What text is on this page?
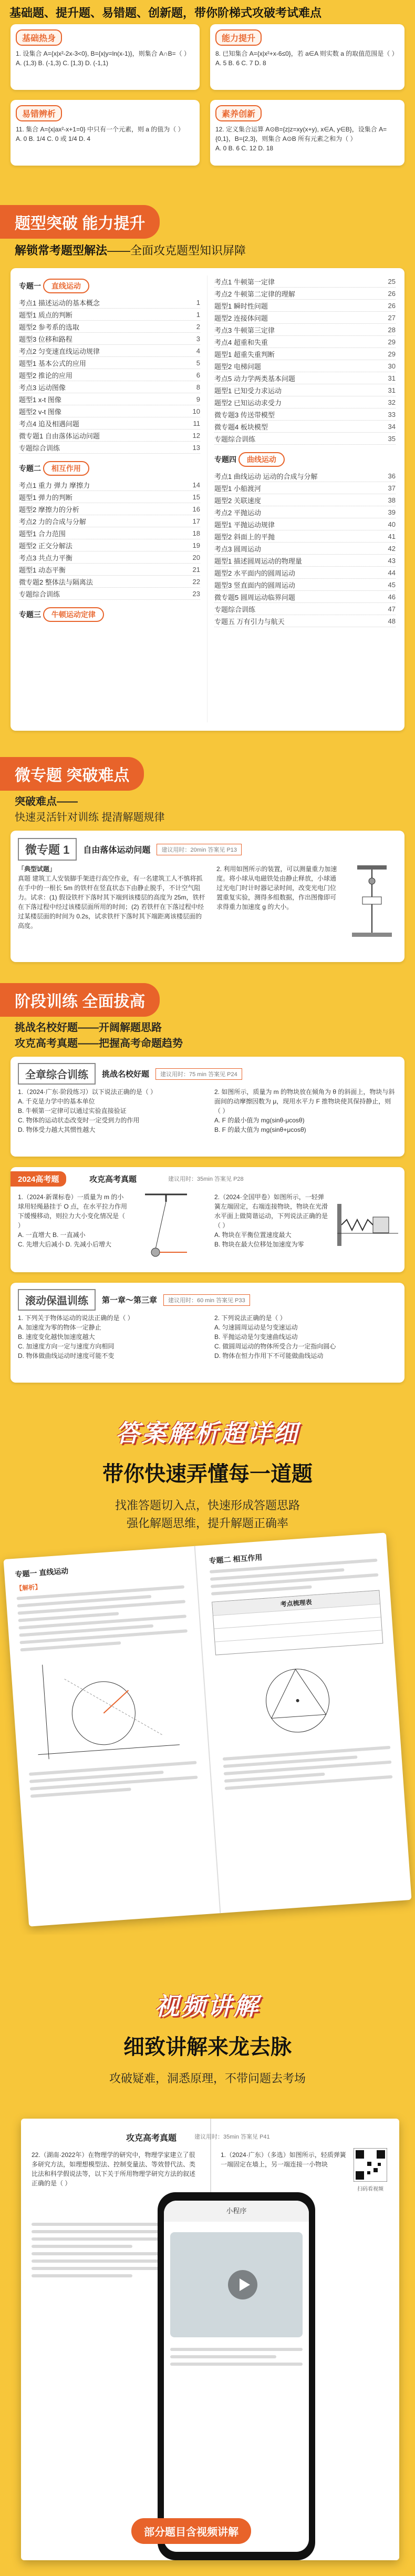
基础题、提升题、易错题、创新题，带你阶梯式攻破考试难点
基础热身
1. 设集合 A={x|x²-2x-3<0}, B={x|y=ln(x-1)}，则集合 A∩B=（ ）
A. (1,3) B. (-1,3) C. [1,3) D. (-1,1)
能力提升
8. 已知集合 A={x|x²+x-6≤0}，若 a∈A 则实数 a 的取值范围是（ ）
A. 5 B. 6 C. 7 D. 8
易错辨析
11. 集合 A={x|ax²-x+1=0} 中只有一个元素，则 a 的值为（ ）
A. 0 B. 1/4 C. 0 或 1/4 D. 4
素养创新
12. 定义集合运算 A⊙B={z|z=xy(x+y), x∈A, y∈B}，设集合 A={0,1}，B={2,3}，则集合 A⊙B 所有元素之和为（ ）
A. 0 B. 6 C. 12 D. 18
题型突破 能力提升
解锁常考题型解法——全面攻克题型知识屏障
专题一 直线运动
考点1 描述运动的基本概念	1
题型1 质点的判断	1
题型2 参考系的选取	2
题型3 位移和路程	3
考点2 匀变速直线运动规律	4
题型1 基本公式的应用	5
题型2 推论的应用	6
考点3 运动图像	8
题型1 x-t 图像	9
题型2 v-t 图像	10
考点4 追及相遇问题	11
微专题1 自由落体运动问题	12
专题综合训练	13
专题二 相互作用
考点1 重力 弹力 摩擦力	14
题型1 弹力的判断	15
题型2 摩擦力的分析	16
考点2 力的合成与分解	17
题型1 合力范围	18
题型2 正交分解法	19
考点3 共点力平衡	20
题型1 动态平衡	21
微专题2 整体法与隔离法	22
专题综合训练	23
专题三 牛顿运动定律
考点1 牛顿第一定律	25
考点2 牛顿第二定律的理解	26
题型1 瞬时性问题	26
题型2 连接体问题	27
考点3 牛顿第三定律	28
考点4 超重和失重	29
题型1 超重失重判断	29
题型2 电梯问题	30
考点5 动力学两类基本问题	31
题型1 已知受力求运动	31
题型2 已知运动求受力	32
微专题3 传送带模型	33
微专题4 板块模型	34
专题综合训练	35
专题四 曲线运动
考点1 曲线运动 运动的合成与分解	36
题型1 小船渡河	37
题型2 关联速度	38
考点2 平抛运动	39
题型1 平抛运动规律	40
题型2 斜面上的平抛	41
考点3 圆周运动	42
题型1 描述圆周运动的物理量	43
题型2 水平面内的圆周运动	44
题型3 竖直面内的圆周运动	45
微专题5 圆周运动临界问题	46
专题综合训练	47
专题五 万有引力与航天	48
微专题 突破难点
突破难点——
快速灵活针对训练 提清解题规律
微专题 1	自由落体运动问题	建议用时：20min 答案见 P13
「典型试题」
真题 建筑工人安装脚手架进行高空作业，有一名建筑工人不慎将抓在手中的一根长 5m 的铁杆在竖直状态下由静止脱手，不计空气阻力。试求：(1) 假设铁杆下落时其下端到该楼层的高度为 25m，铁杆在下落过程中经过该楼层面所用的时间；(2) 若铁杆在下落过程中经过某楼层面的时间为 0.2s，试求铁杆下落时其下端距离该楼层面的高度。
2. 利用如图所示的装置，可以测量重力加速度。将小球从电磁铁处由静止释放，小球通过光电门时计时器记录时间，改变光电门位置重复实验，测得多组数据，作出图像即可求得重力加速度 g 的大小。
阶段训练 全面拔高
挑战名校好题——开阔解题思路
攻克高考真题——把握高考命题趋势
全章综合训练	挑战名校好题	建议用时：75 min 答案见 P24
1.（2024·广东·阶段练习）以下说法正确的是（ ）
A. 千克是力学中的基本单位
B. 牛顿第一定律可以通过实验直接验证
C. 物体的运动状态改变时一定受到力的作用
D. 物体受力越大其惯性越大
2. 如图所示，质量为 m 的物块放在倾角为 θ 的斜面上，物块与斜面间的动摩擦因数为 μ，现用水平力 F 推物块使其保持静止，则（ ）
A. F 的最小值为 mg(sinθ-μcosθ)
B. F 的最大值为 mg(sinθ+μcosθ)
2024高考题	攻克高考真题	建议用时：35min 答案见 P28
1.（2024·新课标卷）一质量为 m 的小球用轻绳悬挂于 O 点，在水平拉力作用下缓慢移动，则拉力大小变化情况是（ ）
A. 一直增大 B. 一直减小
C. 先增大后减小 D. 先减小后增大
2.（2024·全国甲卷）如图所示，一轻弹簧左端固定，右端连接物块，物块在光滑水平面上做简谐运动，下列说法正确的是（ ）
A. 物块在平衡位置速度最大
B. 物块在最大位移处加速度为零
滚动保温训练	第一章～第三章	建议用时：60 min 答案见 P33
1. 下列关于物体运动的说法正确的是（ ）
A. 加速度为零的物体一定静止
B. 速度变化越快加速度越大
C. 加速度方向一定与速度方向相同
D. 物体做曲线运动时速度可能不变
2. 下列说法正确的是（ ）
A. 匀速圆周运动是匀变速运动
B. 平抛运动是匀变速曲线运动
C. 做圆周运动的物体所受合力一定指向圆心
D. 物体在恒力作用下不可能做曲线运动
答案解析超详细
带你快速弄懂每一道题
找准答题切入点，快速形成答题思路
强化解题思维，提升解题正确率
专题一 直线运动
【解析】
专题二 相互作用
考点梳理表
视频讲解
细致讲解来龙去脉
攻破疑难，洞悉原理，不带问题去考场
攻克高考真题	建议用时：35min 答案见 P41
22.（湖南·2022年）在物理学的研究中，物理学家建立了很多研究方法，如理想模型法、控制变量法、等效替代法、类比法和科学假说法等，以下关于所用物理学研究方法的叙述正确的是（ ）
1.（2024·广东）（多选）如图所示，轻质弹簧一端固定在墙上，另一端连接一小物块
扫码看视频
小程序
部分题目含视频讲解
